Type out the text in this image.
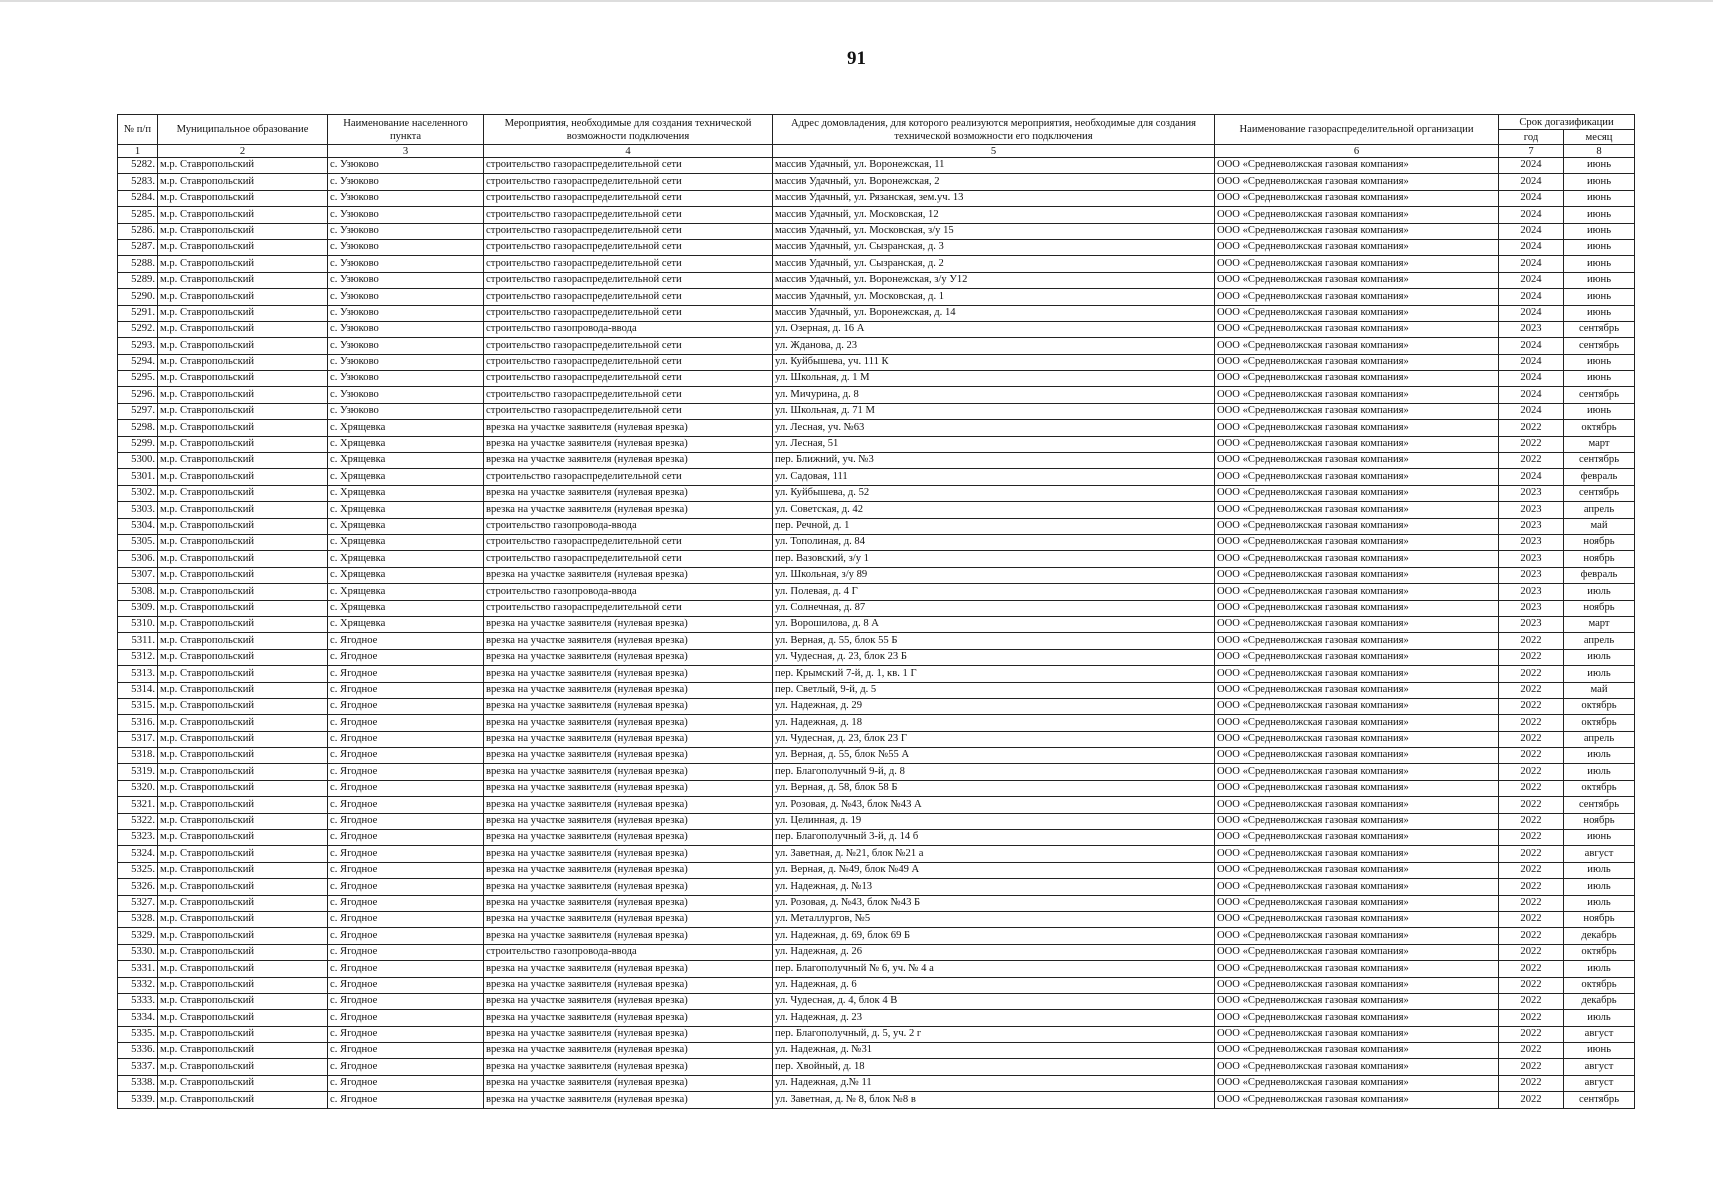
91
№ п/п	Муниципальное образование	Наименование населенного пункта	Мероприятия, необходимые для создания технической возможности подключения	Адрес домовладения, для которого реализуются мероприятия, необходимые для создания технической возможности его подключения	Наименование газораспределительной организации	Срок догазификации	
						год	месяц
1	2	3	4	5	6	7	8
5282.	м.р. Ставропольский	с. Узюково	строительство газораспределительной сети	массив Удачный, ул. Воронежская, 11	ООО «Средневолжская газовая компания»	2024	июнь
5283.	м.р. Ставропольский	с. Узюково	строительство газораспределительной сети	массив Удачный, ул. Воронежская, 2	ООО «Средневолжская газовая компания»	2024	июнь
5284.	м.р. Ставропольский	с. Узюково	строительство газораспределительной сети	массив Удачный, ул. Рязанская, зем.уч. 13	ООО «Средневолжская газовая компания»	2024	июнь
5285.	м.р. Ставропольский	с. Узюково	строительство газораспределительной сети	массив Удачный, ул. Московская, 12	ООО «Средневолжская газовая компания»	2024	июнь
5286.	м.р. Ставропольский	с. Узюково	строительство газораспределительной сети	массив Удачный, ул. Московская, з/у 15	ООО «Средневолжская газовая компания»	2024	июнь
5287.	м.р. Ставропольский	с. Узюково	строительство газораспределительной сети	массив Удачный, ул. Сызранская, д. 3	ООО «Средневолжская газовая компания»	2024	июнь
5288.	м.р. Ставропольский	с. Узюково	строительство газораспределительной сети	массив Удачный, ул. Сызранская, д. 2	ООО «Средневолжская газовая компания»	2024	июнь
5289.	м.р. Ставропольский	с. Узюково	строительство газораспределительной сети	массив Удачный, ул. Воронежская, з/у У12	ООО «Средневолжская газовая компания»	2024	июнь
5290.	м.р. Ставропольский	с. Узюково	строительство газораспределительной сети	массив Удачный, ул. Московская, д. 1	ООО «Средневолжская газовая компания»	2024	июнь
5291.	м.р. Ставропольский	с. Узюково	строительство газораспределительной сети	массив Удачный, ул. Воронежская, д. 14	ООО «Средневолжская газовая компания»	2024	июнь
5292.	м.р. Ставропольский	с. Узюково	строительство газопровода-ввода	ул. Озерная, д. 16 А	ООО «Средневолжская газовая компания»	2023	сентябрь
5293.	м.р. Ставропольский	с. Узюково	строительство газораспределительной сети	ул. Жданова, д. 23	ООО «Средневолжская газовая компания»	2024	сентябрь
5294.	м.р. Ставропольский	с. Узюково	строительство газораспределительной сети	ул. Куйбышева, уч. 111 К	ООО «Средневолжская газовая компания»	2024	июнь
5295.	м.р. Ставропольский	с. Узюково	строительство газораспределительной сети	ул. Школьная, д. 1 М	ООО «Средневолжская газовая компания»	2024	июнь
5296.	м.р. Ставропольский	с. Узюково	строительство газораспределительной сети	ул. Мичурина, д. 8	ООО «Средневолжская газовая компания»	2024	сентябрь
5297.	м.р. Ставропольский	с. Узюково	строительство газораспределительной сети	ул. Школьная, д. 71 М	ООО «Средневолжская газовая компания»	2024	июнь
5298.	м.р. Ставропольский	с. Хрящевка	врезка на участке заявителя (нулевая врезка)	ул. Лесная, уч. №63	ООО «Средневолжская газовая компания»	2022	октябрь
5299.	м.р. Ставропольский	с. Хрящевка	врезка на участке заявителя (нулевая врезка)	ул. Лесная, 51	ООО «Средневолжская газовая компания»	2022	март
5300.	м.р. Ставропольский	с. Хрящевка	врезка на участке заявителя (нулевая врезка)	пер. Ближний, уч. №3	ООО «Средневолжская газовая компания»	2022	сентябрь
5301.	м.р. Ставропольский	с. Хрящевка	строительство газораспределительной сети	ул. Садовая, 111	ООО «Средневолжская газовая компания»	2024	февраль
5302.	м.р. Ставропольский	с. Хрящевка	врезка на участке заявителя (нулевая врезка)	ул. Куйбышева, д. 52	ООО «Средневолжская газовая компания»	2023	сентябрь
5303.	м.р. Ставропольский	с. Хрящевка	врезка на участке заявителя (нулевая врезка)	ул. Советская, д. 42	ООО «Средневолжская газовая компания»	2023	апрель
5304.	м.р. Ставропольский	с. Хрящевка	строительство газопровода-ввода	пер. Речной, д. 1	ООО «Средневолжская газовая компания»	2023	май
5305.	м.р. Ставропольский	с. Хрящевка	строительство газораспределительной сети	ул. Тополиная, д. 84	ООО «Средневолжская газовая компания»	2023	ноябрь
5306.	м.р. Ставропольский	с. Хрящевка	строительство газораспределительной сети	пер. Вазовский, з/у 1	ООО «Средневолжская газовая компания»	2023	ноябрь
5307.	м.р. Ставропольский	с. Хрящевка	врезка на участке заявителя (нулевая врезка)	ул. Школьная, з/у 89	ООО «Средневолжская газовая компания»	2023	февраль
5308.	м.р. Ставропольский	с. Хрящевка	строительство газопровода-ввода	ул. Полевая, д. 4 Г	ООО «Средневолжская газовая компания»	2023	июль
5309.	м.р. Ставропольский	с. Хрящевка	строительство газораспределительной сети	ул. Солнечная, д. 87	ООО «Средневолжская газовая компания»	2023	ноябрь
5310.	м.р. Ставропольский	с. Хрящевка	врезка на участке заявителя (нулевая врезка)	ул. Ворошилова, д. 8 А	ООО «Средневолжская газовая компания»	2023	март
5311.	м.р. Ставропольский	с. Ягодное	врезка на участке заявителя (нулевая врезка)	ул. Верная, д. 55, блок 55 Б	ООО «Средневолжская газовая компания»	2022	апрель
5312.	м.р. Ставропольский	с. Ягодное	врезка на участке заявителя (нулевая врезка)	ул. Чудесная, д. 23, блок 23 Б	ООО «Средневолжская газовая компания»	2022	июль
5313.	м.р. Ставропольский	с. Ягодное	врезка на участке заявителя (нулевая врезка)	пер. Крымский 7-й, д. 1, кв. 1 Г	ООО «Средневолжская газовая компания»	2022	июль
5314.	м.р. Ставропольский	с. Ягодное	врезка на участке заявителя (нулевая врезка)	пер. Светлый, 9-й, д. 5	ООО «Средневолжская газовая компания»	2022	май
5315.	м.р. Ставропольский	с. Ягодное	врезка на участке заявителя (нулевая врезка)	ул. Надежная, д. 29	ООО «Средневолжская газовая компания»	2022	октябрь
5316.	м.р. Ставропольский	с. Ягодное	врезка на участке заявителя (нулевая врезка)	ул. Надежная, д. 18	ООО «Средневолжская газовая компания»	2022	октябрь
5317.	м.р. Ставропольский	с. Ягодное	врезка на участке заявителя (нулевая врезка)	ул. Чудесная, д. 23, блок 23 Г	ООО «Средневолжская газовая компания»	2022	апрель
5318.	м.р. Ставропольский	с. Ягодное	врезка на участке заявителя (нулевая врезка)	ул. Верная, д. 55, блок №55 А	ООО «Средневолжская газовая компания»	2022	июль
5319.	м.р. Ставропольский	с. Ягодное	врезка на участке заявителя (нулевая врезка)	пер. Благополучный 9-й, д. 8	ООО «Средневолжская газовая компания»	2022	июль
5320.	м.р. Ставропольский	с. Ягодное	врезка на участке заявителя (нулевая врезка)	ул. Верная, д. 58, блок 58 Б	ООО «Средневолжская газовая компания»	2022	октябрь
5321.	м.р. Ставропольский	с. Ягодное	врезка на участке заявителя (нулевая врезка)	ул. Розовая, д. №43, блок №43 А	ООО «Средневолжская газовая компания»	2022	сентябрь
5322.	м.р. Ставропольский	с. Ягодное	врезка на участке заявителя (нулевая врезка)	ул. Целинная, д. 19	ООО «Средневолжская газовая компания»	2022	ноябрь
5323.	м.р. Ставропольский	с. Ягодное	врезка на участке заявителя (нулевая врезка)	пер. Благополучный 3-й, д. 14 б	ООО «Средневолжская газовая компания»	2022	июнь
5324.	м.р. Ставропольский	с. Ягодное	врезка на участке заявителя (нулевая врезка)	ул. Заветная, д. №21, блок №21 а	ООО «Средневолжская газовая компания»	2022	август
5325.	м.р. Ставропольский	с. Ягодное	врезка на участке заявителя (нулевая врезка)	ул. Верная, д. №49, блок №49 А	ООО «Средневолжская газовая компания»	2022	июль
5326.	м.р. Ставропольский	с. Ягодное	врезка на участке заявителя (нулевая врезка)	ул. Надежная, д. №13	ООО «Средневолжская газовая компания»	2022	июль
5327.	м.р. Ставропольский	с. Ягодное	врезка на участке заявителя (нулевая врезка)	ул. Розовая, д. №43, блок №43 Б	ООО «Средневолжская газовая компания»	2022	июль
5328.	м.р. Ставропольский	с. Ягодное	врезка на участке заявителя (нулевая врезка)	ул. Металлургов, №5	ООО «Средневолжская газовая компания»	2022	ноябрь
5329.	м.р. Ставропольский	с. Ягодное	врезка на участке заявителя (нулевая врезка)	ул. Надежная, д. 69, блок 69 Б	ООО «Средневолжская газовая компания»	2022	декабрь
5330.	м.р. Ставропольский	с. Ягодное	строительство газопровода-ввода	ул. Надежная, д. 26	ООО «Средневолжская газовая компания»	2022	октябрь
5331.	м.р. Ставропольский	с. Ягодное	врезка на участке заявителя (нулевая врезка)	пер. Благополучный № 6, уч. № 4 а	ООО «Средневолжская газовая компания»	2022	июль
5332.	м.р. Ставропольский	с. Ягодное	врезка на участке заявителя (нулевая врезка)	ул. Надежная, д. 6	ООО «Средневолжская газовая компания»	2022	октябрь
5333.	м.р. Ставропольский	с. Ягодное	врезка на участке заявителя (нулевая врезка)	ул. Чудесная, д. 4, блок 4 В	ООО «Средневолжская газовая компания»	2022	декабрь
5334.	м.р. Ставропольский	с. Ягодное	врезка на участке заявителя (нулевая врезка)	ул. Надежная, д. 23	ООО «Средневолжская газовая компания»	2022	июль
5335.	м.р. Ставропольский	с. Ягодное	врезка на участке заявителя (нулевая врезка)	пер. Благополучный, д. 5, уч. 2 г	ООО «Средневолжская газовая компания»	2022	август
5336.	м.р. Ставропольский	с. Ягодное	врезка на участке заявителя (нулевая врезка)	ул. Надежная, д. №31	ООО «Средневолжская газовая компания»	2022	июнь
5337.	м.р. Ставропольский	с. Ягодное	врезка на участке заявителя (нулевая врезка)	пер. Хвойный, д. 18	ООО «Средневолжская газовая компания»	2022	август
5338.	м.р. Ставропольский	с. Ягодное	врезка на участке заявителя (нулевая врезка)	ул. Надежная, д.№ 11	ООО «Средневолжская газовая компания»	2022	август
5339.	м.р. Ставропольский	с. Ягодное	врезка на участке заявителя (нулевая врезка)	ул. Заветная, д. № 8, блок №8 в	ООО «Средневолжская газовая компания»	2022	сентябрь
